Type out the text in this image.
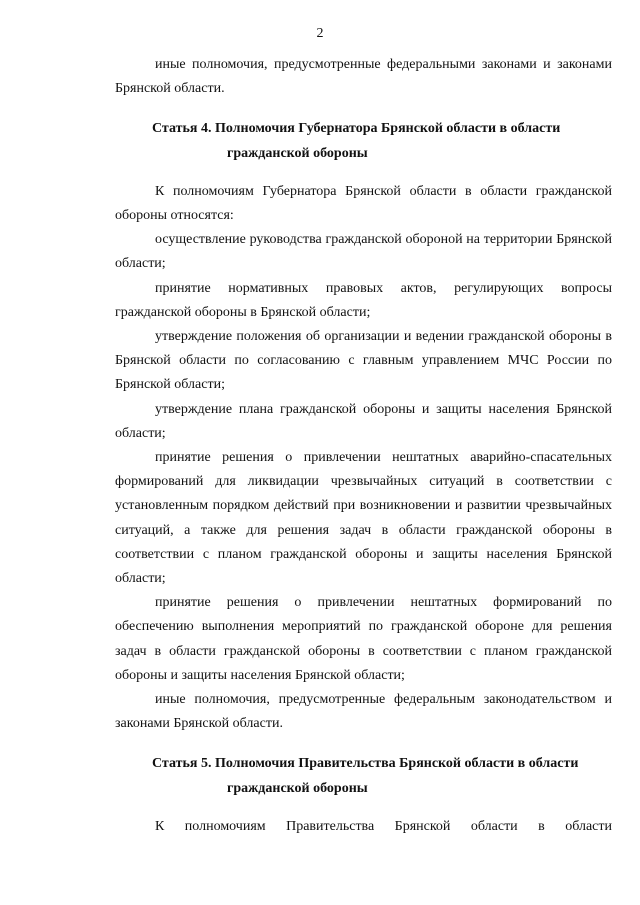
2

иные полномочия, предусмотренные федеральными законами и законами Брянской области.

Статья 4. Полномочия Губернатора Брянской области в области гражданской обороны

К полномочиям Губернатора Брянской области в области гражданской обороны относятся:

осуществление руководства гражданской обороной на территории Брянской области;

принятие нормативных правовых актов, регулирующих вопросы гражданской обороны в Брянской области;

утверждение положения об организации и ведении гражданской обороны в Брянской области по согласованию с главным управлением МЧС России по Брянской области;

утверждение плана гражданской обороны и защиты населения Брянской области;

принятие решения о привлечении нештатных аварийно-спасательных формирований для ликвидации чрезвычайных ситуаций в соответствии с установленным порядком действий при возникновении и развитии чрезвычайных ситуаций, а также для решения задач в области гражданской обороны в соответствии с планом гражданской обороны и защиты населения Брянской области;

принятие решения о привлечении нештатных формирований по обеспечению выполнения мероприятий по гражданской обороне для решения задач в области гражданской обороны в соответствии с планом гражданской обороны и защиты населения Брянской области;

иные полномочия, предусмотренные федеральным законодательством и законами Брянской области.

Статья 5. Полномочия Правительства Брянской области в области гражданской обороны

К полномочиям Правительства Брянской области в области
